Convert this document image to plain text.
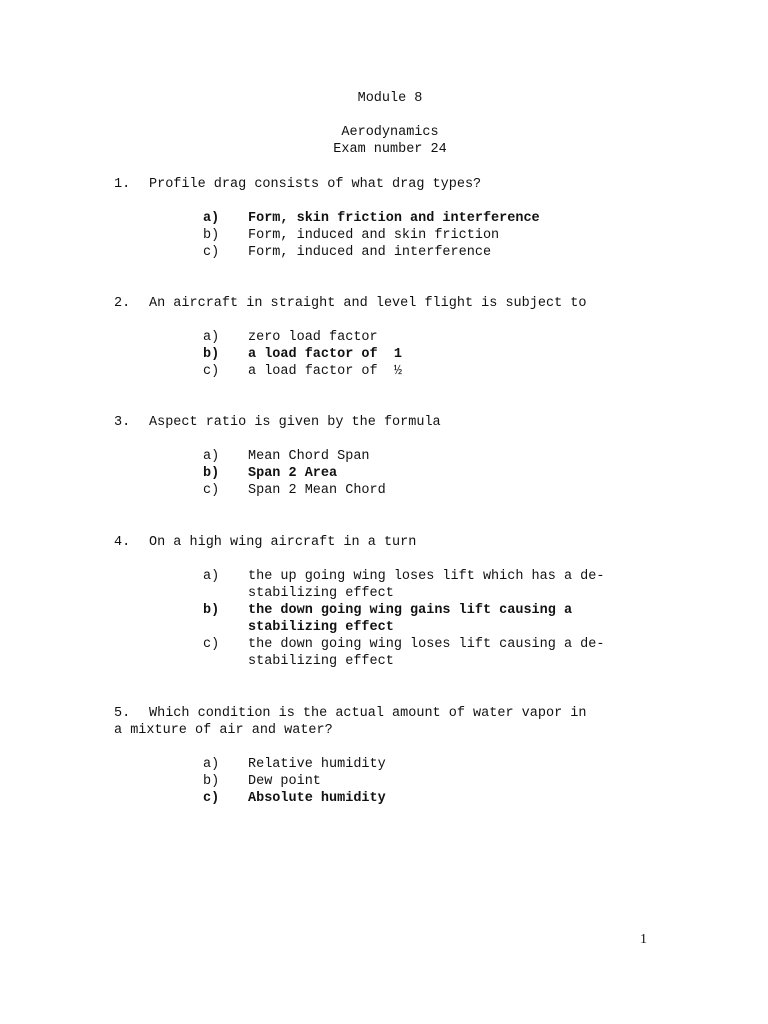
Module 8
Aerodynamics
Exam number 24
1. Profile drag consists of what drag types?
a) Form, skin friction and interference
b) Form, induced and skin friction
c) Form, induced and interference
2. An aircraft in straight and level flight is subject to
a) zero load factor
b) a load factor of  1
c) a load factor of  ½
3. Aspect ratio is given by the formula
a) Mean Chord Span
b) Span 2 Area
c) Span 2 Mean Chord
4. On a high wing aircraft in a turn
a) the up going wing loses lift which has a de-
stabilizing effect
b) the down going wing gains lift causing a
stabilizing effect
c) the down going wing loses lift causing a de-
stabilizing effect
5. Which condition is the actual amount of water vapor in
a mixture of air and water?
a) Relative humidity
b) Dew point
c) Absolute humidity
1
